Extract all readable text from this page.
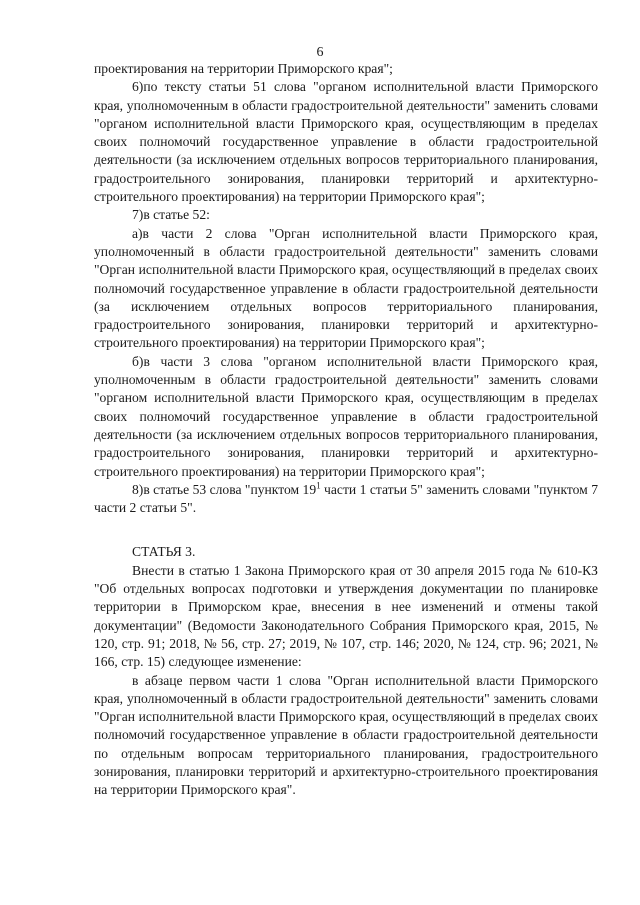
6

проектирования на территории Приморского края";

6)по тексту статьи 51 слова "органом исполнительной власти Приморского края, уполномоченным в области градостроительной деятельности" заменить словами "органом исполнительной власти Приморского края, осуществляющим в пределах своих полномочий государственное управление в области градостроительной деятельности (за исключением отдельных вопросов территориального планирования, градостроительного зонирования, планировки территорий и архитектурно-строительного проектирования) на территории Приморского края";

7)в статье 52:

а)в части 2 слова "Орган исполнительной власти Приморского края, уполномоченный в области градостроительной деятельности" заменить словами "Орган исполнительной власти Приморского края, осуществляющий в пределах своих полномочий государственное управление в области градостроительной деятельности (за исключением отдельных вопросов территориального планирования, градостроительного зонирования, планировки территорий и архитектурно-строительного проектирования) на территории Приморского края";

б)в части 3 слова "органом исполнительной власти Приморского края, уполномоченным в области градостроительной деятельности" заменить словами "органом исполнительной власти Приморского края, осуществляющим в пределах своих полномочий государственное управление в области градостроительной деятельности (за исключением отдельных вопросов территориального планирования, градостроительного зонирования, планировки территорий и архитектурно-строительного проектирования) на территории Приморского края";

8)в статье 53 слова "пунктом $19^1$ части 1 статьи 5" заменить словами "пунктом 7 части 2 статьи 5".

СТАТЬЯ 3.

Внести в статью 1 Закона Приморского края от 30 апреля 2015 года № 610-КЗ "Об отдельных вопросах подготовки и утверждения документации по планировке территории в Приморском крае, внесения в нее изменений и отмены такой документации" (Ведомости Законодательного Собрания Приморского края, 2015, № 120, стр. 91; 2018, № 56, стр. 27; 2019, № 107, стр. 146; 2020, № 124, стр. 96; 2021, № 166, стр. 15) следующее изменение:

в абзаце первом части 1 слова "Орган исполнительной власти Приморского края, уполномоченный в области градостроительной деятельности" заменить словами "Орган исполнительной власти Приморского края, осуществляющий в пределах своих полномочий государственное управление в области градостроительной деятельности по отдельным вопросам территориального планирования, градостроительного зонирования, планировки территорий и архитектурно-строительного проектирования на территории Приморского края".
